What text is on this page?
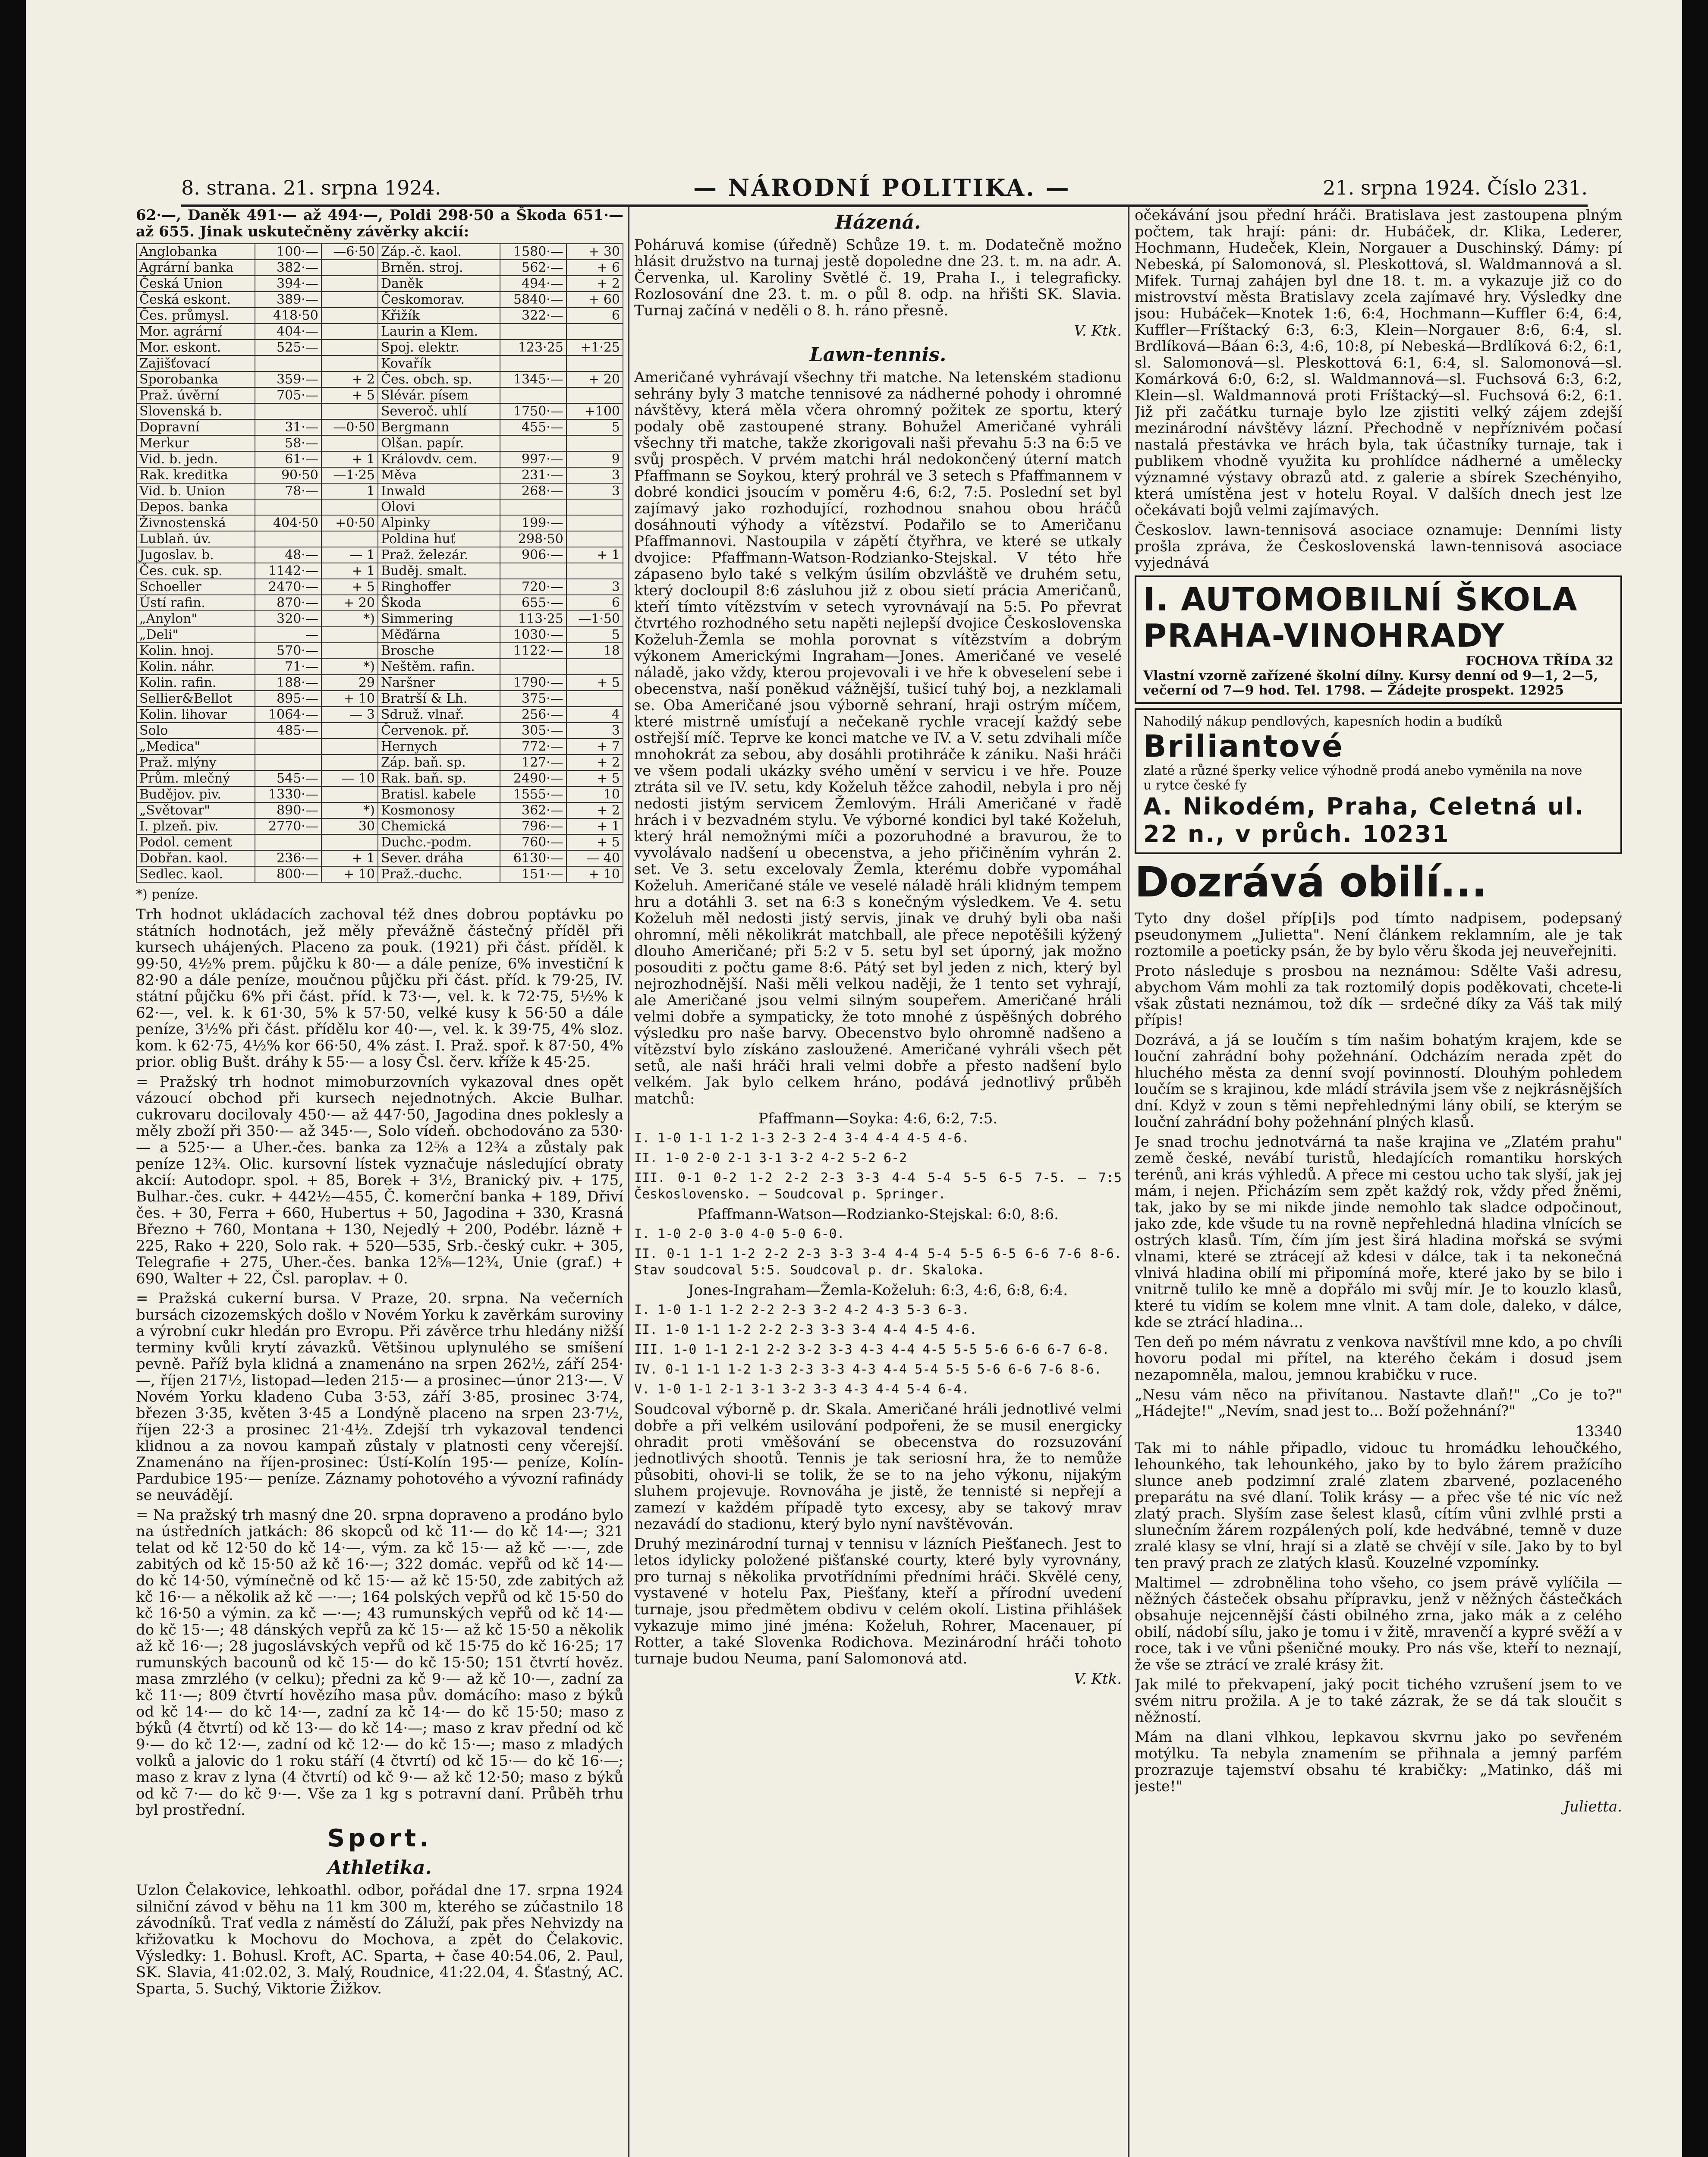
8. strana. 21. srpna 1924.	— NÁRODNÍ POLITIKA. —	21. srpna 1924. Číslo 231.

62·—, Daněk 491·— až 494·—, Poldi 298·50 a Škoda 651·— až 655. Jinak uskutečněny závěrky akcií:

Anglobanka	100·—	—6·50	Záp.-č. kaol.	1580·—	+ 30
Agrární banka	382·—		Brněn. stroj.	562·—	+ 6
Česká Union	394·—		Daněk	494·—	+ 2
Česká eskont.	389·—		Českomorav.	5840·—	+ 60
Čes. průmysl.	418·50		Křižík	322·—	6
Mor. agrární	404·—		Laurin a Klem.		
Mor. eskont.	525·—		Spoj. elektr.	123·25	+1·25
Zajišťovací			Kovařík		
Sporobanka	359·—	+ 2	Čes. obch. sp.	1345·—	+ 20
Praž. úvěrní	705·—	+ 5	Slévár. písem		
Slovenská b.			Severoč. uhlí	1750·—	+100
Dopravní	31·—	—0·50	Bergmann	455·—	5
Merkur	58·—		Olšan. papír.		
Vid. b. jedn.	61·—	+ 1	Královdv. cem.	997·—	9
Rak. kreditka	90·50	—1·25	Měva	231·—	3
Vid. b. Union	78·—	1	Inwald	268·—	3
Depos. banka			Olovi		
Živnostenská	404·50	+0·50	Alpinky	199·—	
Lublaň. úv.			Poldina huť	298·50	
Jugoslav. b.	48·—	— 1	Praž. železár.	906·—	+ 1
Čes. cuk. sp.	1142·—	+ 1	Buděj. smalt.		
Schoeller	2470·—	+ 5	Ringhoffer	720·—	3
Ústí rafin.	870·—	+ 20	Škoda	655·—	6
„Anylon"	320·—	*)	Simmering	113·25	—1·50
„Deli"	—		Měďárna	1030·—	5
Kolin. hnoj.	570·—		Brosche	1122·—	18
Kolin. náhr.	71·—	*)	Neštěm. rafin.		
Kolin. rafin.	188·—	29	Naršner	1790·—	+ 5
Sellier&Bellot	895·—	+ 10	Bratrší & Lh.	375·—	
Kolin. lihovar	1064·—	— 3	Sdruž. vlnař.	256·—	4
Solo	485·—		Červenok. př.	305·—	3
„Medica"			Hernych	772·—	+ 7
Praž. mlýny			Záp. baň. sp.	127·—	+ 2
Prům. mlečný	545·—	— 10	Rak. baň. sp.	2490·—	+ 5
Budějov. piv.	1330·—		Bratisl. kabele	1555·—	10
„Světovar"	890·—	*)	Kosmonosy	362·—	+ 2
I. plzeň. piv.	2770·—	30	Chemická	796·—	+ 1
Podol. cement			Duchc.-podm.	760·—	+ 5
Dobřan. kaol.	236·—	+ 1	Sever. dráha	6130·—	— 40
Sedlec. kaol.	800·—	+ 10	Praž.-duchc.	151·—	+ 10
*) peníze.

Trh hodnot ukládacích zachoval též dnes dobrou poptávku po státních hodnotách, jež měly převážně částečný příděl při kursech uhájených. Placeno za pouk. (1921) při část. příděl. k 99·50, 4½% prem. půjčku k 80·— a dále peníze, 6% investiční k 82·90 a dále peníze, moučnou půjčku při část. příd. k 79·25, IV. státní půjčku 6% při část. příd. k 73·—, vel. k. k 72·75, 5½% k 62·—, vel. k. k 61·30, 5% k 57·50, velké kusy k 56·50 a dále peníze, 3½% při část. přídělu kor 40·—, vel. k. k 39·75, 4% sloz. kom. k 62·75, 4½% kor 66·50, 4% zást. I. Praž. spoř. k 87·50, 4% prior. oblig Bušt. dráhy k 55·— a losy Čsl. červ. kříže k 45·25.

= Pražský trh hodnot mimoburzovních vykazoval dnes opět vázoucí obchod při kursech nejednotných. Akcie Bulhar. cukrovaru docilovaly 450·— až 447·50, Jagodina dnes poklesly a měly zboží při 350·— až 345·—, Solo vídeň. obchodováno za 530·— a 525·— a Uher.-čes. banka za 12⅝ a 12¾ a zůstaly pak peníze 12¾. Olic. kursovní lístek vyznačuje následující obraty akcií: Autodopr. spol. + 85, Borek + 3½, Branický piv. + 175, Bulhar.-čes. cukr. + 442½—455, Č. komerční banka + 189, Dřiví čes. + 30, Ferra + 660, Hubertus + 50, Jagodina + 330, Krasná Březno + 760, Montana + 130, Nejedlý + 200, Podébr. lázně + 225, Rako + 220, Solo rak. + 520—535, Srb.-český cukr. + 305, Telegrafie + 275, Uher.-čes. banka 12⅝—12¾, Unie (graf.) + 690, Walter + 22, Čsl. paroplav. + 0.

= Pražská cukerní bursa. V Praze, 20. srpna. Na večerních bursách cizozemských došlo v Novém Yorku k zavěrkám suroviny a výrobní cukr hledán pro Evropu. Při závěrce trhu hledány nižší terminy kvůli krytí závazků. Většinou uplynulého se smíšení pevně. Paříž byla klidná a znamenáno na srpen 262½, září 254·—, říjen 217½, listopad—leden 215·— a prosinec—únor 213·—. V Novém Yorku kladeno Cuba 3·53, září 3·85, prosinec 3·74, březen 3·35, květen 3·45 a Londýně placeno na srpen 23·7½, říjen 22·3 a prosinec 21·4½. Zdejší trh vykazoval tendenci klidnou a za novou kampaň zůstaly v platnosti ceny včerejší. Znamenáno na říjen-prosinec: Ústí-Kolín 195·— peníze, Kolín-Pardubice 195·— peníze. Záznamy pohotového a vývozní rafinády se neuvádějí.

= Na pražský trh masný dne 20. srpna dopraveno a prodáno bylo na ústředních jatkách: 86 skopců od kč 11·— do kč 14·—; 321 telat od kč 12·50 do kč 14·—, vým. za kč 15·— až kč —·—, zde zabitých od kč 15·50 až kč 16·—; 322 domác. vepřů od kč 14·— do kč 14·50, výmínečně od kč 15·— až kč 15·50, zde zabitých až kč 16·— a několik až kč —·—; 164 polských vepřů od kč 15·50 do kč 16·50 a výmin. za kč —·—; 43 rumunských vepřů od kč 14·— do kč 15·—; 48 dánských vepřů za kč 15·— až kč 15·50 a několik až kč 16·—; 28 jugoslávských vepřů od kč 15·75 do kč 16·25; 17 rumunských bacounů od kč 15·— do kč 15·50; 151 čtvrtí hověz. masa zmrzlého (v celku); předni za kč 9·— až kč 10·—, zadní za kč 11·—; 809 čtvrtí hovězího masa pův. domácího: maso z býků od kč 14·— do kč 14·—, zadní za kč 14·— do kč 15·50; maso z býků (4 čtvrtí) od kč 13·— do kč 14·—; maso z krav přední od kč 9·— do kč 12·—, zadní od kč 12·— do kč 15·—; maso z mladých volků a jalovic do 1 roku stáří (4 čtvrtí) od kč 15·— do kč 16·—; maso z krav z lyna (4 čtvrtí) od kč 9·— až kč 12·50; maso z býků od kč 7·— do kč 9·—. Vše za 1 kg s potravní daní. Průběh trhu byl prostřední.

Sport.
Athletika.

Uzlon Čelakovice, lehkoathl. odbor, pořádal dne 17. srpna 1924 silniční závod v běhu na 11 km 300 m, kterého se zúčastnilo 18 závodníků. Trať vedla z náměstí do Záluží, pak přes Nehvizdy na křižovatku k Mochovu do Mochova, a zpět do Čelakovic. Výsledky: 1. Bohusl. Kroft, AC. Sparta, + čase 40:54.06, 2. Paul, SK. Slavia, 41:02.02, 3. Malý, Roudnice, 41:22.04, 4. Šťastný, AC. Sparta, 5. Suchý, Viktorie Žižkov.

Házená.

Poháruvá komise (úředně) Schůze 19. t. m. Dodatečně možno hlásit družstvo na turnaj jestě dopoledne dne 23. t. m. na adr. A. Červenka, ul. Karoliny Světlé č. 19, Praha I., i telegraficky. Rozlosování dne 23. t. m. o půl 8. odp. na hřišti SK. Slavia. Turnaj začíná v neděli o 8. h. ráno přesně.

V. Ktk.
Lawn-tennis.

Američané vyhrávají všechny tři matche. Na letenském stadionu sehrány byly 3 matche tennisové za nádherné pohody i ohromné návštěvy, která měla včera ohromný požitek ze sportu, který podaly obě zastoupené strany. Bohužel Američané vyhráli všechny tři matche, takže zkorigovali naši převahu 5:3 na 6:5 ve svůj prospěch. V prvém matchi hrál nedokončený úterní match Pfaffmann se Soykou, který prohrál ve 3 setech s Pfaffmannem v dobré kondici jsoucím v poměru 4:6, 6:2, 7:5. Poslední set byl zajímavý jako rozhodující, rozhodnou snahou obou hráčů dosáhnouti výhody a vítězství. Podařilo se to Američanu Pfaffmannovi. Nastoupila v zápětí čtyřhra, ve které se utkaly dvojice: Pfaffmann-Watson-Rodzianko-Stejskal. V této hře zápaseno bylo také s velkým úsilím obzvláště ve druhém setu, který docloupil 8:6 zásluhou již z obou sietí prácia Američanů, kteří tímto vítězstvím v setech vyrovnávají na 5:5. Po převrat čtvrtého rozhodného setu napěti nejlepší dvojice Československa Koželuh-Žemla se mohla porovnat s vítězstvím a dobrým výkonem Americkými Ingraham—Jones. Američané ve veselé náladě, jako vždy, kterou projevovali i ve hře k obveselení sebe i obecenstva, naší poněkud vážnější, tušicí tuhý boj, a nezklamali se. Oba Američané jsou výborně sehraní, hraji ostrým míčem, které mistrně umísťují a nečekaně rychle vracejí každý sebe ostřejší míč. Teprve ke konci matche ve IV. a V. setu zdvihali míče mnohokrát za sebou, aby dosáhli protihráče k zániku. Naši hráči ve všem podali ukázky svého umění v servicu i ve hře. Pouze ztráta sil ve IV. setu, kdy Koželuh těžce zahodil, nebyla i pro něj nedosti jistým servicem Žemlovým. Hráli Američané v řadě hrách i v bezvadném stylu. Ve výborné kondici byl také Koželuh, který hrál nemožnými míči a pozoruhodné a bravurou, že to vyvolávalo nadšení u obecenstva, a jeho přičiněním vyhrán 2. set. Ve 3. setu excelovaly Žemla, kterému dobře vypomáhal Koželuh. Američané stále ve veselé náladě hráli klidným tempem hru a dotáhli 3. set na 6:3 s konečným výsledkem. Ve 4. setu Koželuh měl nedosti jistý servis, jinak ve druhý byli oba naši ohromní, měli několikrát matchball, ale přece nepotěšili kýžený dlouho Američané; při 5:2 v 5. setu byl set úporný, jak možno posouditi z počtu game 8:6. Pátý set byl jeden z nich, který byl nejrozhodnější. Naši měli velkou naději, že 1 tento set vyhrají, ale Američané jsou velmi silným soupeřem. Američané hráli velmi dobře a sympaticky, že toto mnohé z úspěšných dobrého výsledku pro naše barvy. Obecenstvo bylo ohromně nadšeno a vítězství bylo získáno zasloužené. Američané vyhráli všech pět setů, ale naši hráči hrali velmi dobře a přesto nadšení bylo velkém. Jak bylo celkem hráno, podává jednotlivý průběh matchů:

Pfaffmann—Soyka: 4:6, 6:2, 7:5.

I. 1-0 1-1 1-2 1-3 2-3 2-4 3-4 4-4 4-5 4-6.

II. 1-0 2-0 2-1 3-1 3-2 4-2 5-2 6-2

III. 0-1 0-2 1-2 2-2 2-3 3-3 4-4 5-4 5-5 6-5 7-5. — 7:5 Československo. — Soudcoval p. Springer.

Pfaffmann-Watson—Rodzianko-Stejskal: 6:0, 8:6.

I. 1-0 2-0 3-0 4-0 5-0 6-0.

II. 0-1 1-1 1-2 2-2 2-3 3-3 3-4 4-4 5-4 5-5 6-5 6-6 7-6 8-6. Stav soudcoval 5:5. Soudcoval p. dr. Skaloka.

Jones-Ingraham—Žemla-Koželuh: 6:3, 4:6, 6:8, 6:4.

I. 1-0 1-1 1-2 2-2 2-3 3-2 4-2 4-3 5-3 6-3.

II. 1-0 1-1 1-2 2-2 2-3 3-3 3-4 4-4 4-5 4-6.

III. 1-0 1-1 2-1 2-2 3-2 3-3 4-3 4-4 4-5 5-5 5-6 6-6 6-7 6-8.

IV. 0-1 1-1 1-2 1-3 2-3 3-3 4-3 4-4 5-4 5-5 5-6 6-6 7-6 8-6.

V. 1-0 1-1 2-1 3-1 3-2 3-3 4-3 4-4 5-4 6-4.

Soudcoval výborně p. dr. Skala. Američané hráli jednotlivé velmi dobře a při velkém usilování podpořeni, že se musil energicky ohradit proti vměšování se obecenstva do rozsuzování jednotlivých shootů. Tennis je tak seriosní hra, že to nemůže působiti, ohovi-li se tolik, že se to na jeho výkonu, nijakým sluhem projevuje. Rovnováha je jistě, že tennisté si nepřejí a zamezí v každém případě tyto excesy, aby se takový mrav nezavádí do stadionu, který bylo nyní navštěvován.

Druhý mezinárodní turnaj v tennisu v lázních Piešťanech. Jest to letos idylicky položené pišťanské courty, které byly vyrovnány, pro turnaj s několika prvotřídními předními hráči. Skvělé ceny, vystavené v hotelu Pax, Piešťany, kteří a přírodní uvedení turnaje, jsou předmětem obdivu v celém okolí. Listina přihlášek vykazuje mimo jiné jména: Koželuh, Rohrer, Macenauer, pí Rotter, a také Slovenka Rodichova. Mezinárodní hráči tohoto turnaje budou Neuma, paní Salomonová atd.

V. Ktk.

očekávání jsou přední hráči. Bratislava jest zastoupena plným počtem, tak hrají: páni: dr. Hubáček, dr. Klika, Lederer, Hochmann, Hudeček, Klein, Norgauer a Duschinský. Dámy: pí Nebeská, pí Salomonová, sl. Pleskottová, sl. Waldmannová a sl. Mifek. Turnaj zahájen byl dne 18. t. m. a vykazuje již co do mistrovství města Bratislavy zcela zajímavé hry. Výsledky dne jsou: Hubáček—Knotek 1:6, 6:4, Hochmann—Kuffler 6:4, 6:4, Kuffler—Fríštacký 6:3, 6:3, Klein—Norgauer 8:6, 6:4, sl. Brdlíková—Báan 6:3, 4:6, 10:8, pí Nebeská—Brdlíková 6:2, 6:1, sl. Salomonová—sl. Pleskottová 6:1, 6:4, sl. Salomonová—sl. Komárková 6:0, 6:2, sl. Waldmannová—sl. Fuchsová 6:3, 6:2, Klein—sl. Waldmannová proti Fríštacký—sl. Fuchsová 6:2, 6:1. Již při začátku turnaje bylo lze zjistiti velký zájem zdejší mezinárodní návštěvy lázní. Přechodně v nepříznivém počasí nastalá přestávka ve hrách byla, tak účastníky turnaje, tak i publikem vhodně využita ku prohlídce nádherné a umělecky významné výstavy obrazů atd. z galerie a sbírek Szechényiho, která umístěna jest v hotelu Royal. V dalších dnech jest lze očekávati bojů velmi zajímavých.

Českoslov. lawn-tennisová asociace oznamuje: Denními listy prošla zpráva, že Československá lawn-tennisová asociace vyjednává

I. AUTOMOBILNÍ ŠKOLA PRAHA-VINOHRADY
FOCHOVA TŘÍDA 32
Vlastní vzorně zařízené školní dílny. Kursy denní od 9—1, 2—5, večerní od 7—9 hod. Tel. 1798. — Žádejte prospekt. 12925
Nahodilý nákup pendlových, kapesních hodin a budíků
Briliantové
zlaté a různé šperky velice výhodně prodá anebo vyměnila na nove
u rytce české fy
A. Nikodém, Praha, Celetná ul. 22 n., v průch. 10231
Dozrává obilí...

Tyto dny došel příp[i]s pod tímto nadpisem, podepsaný pseudonymem „Julietta". Není článkem reklamním, ale je tak roztomile a poeticky psán, že by bylo věru škoda jej neuveřejniti.

Proto následuje s prosbou na neznámou: Sdělte Vaši adresu, abychom Vám mohli za tak roztomilý dopis poděkovati, chcete-li však zůstati neznámou, tož dík — srdečné díky za Váš tak milý přípis!

Dozrává, a já se loučím s tím našim bohatým krajem, kde se louční zahrádní bohy požehnání. Odcházím nerada zpět do hluchého města za denní svojí povinností. Dlouhým pohledem loučím se s krajinou, kde mládí strávila jsem vše z nejkrásnějších dní. Když v zoun s těmi nepřehlednými lány obilí, se kterým se louční zahrádní bohy požehnání plných klasů.

Je snad trochu jednotvárná ta naše krajina ve „Zlatém prahu" země české, nevábí turistů, hledajících romantiku horských terénů, ani krás výhledů. A přece mi cestou ucho tak slyší, jak jej mám, i nejen. Přicházím sem zpět každý rok, vždy před žněmi, tak, jako by se mi nikde jinde nemohlo tak sladce odpočinout, jako zde, kde všude tu na rovně nepřehledná hladina vlnících se ostrých klasů. Tím, čím jím jest širá hladina mořská se svými vlnami, které se ztrácejí až kdesi v dálce, tak i ta nekonečná vlnivá hladina obilí mi připomíná moře, které jako by se bilo i vnitrně tulilo ke mně a dopřálo mi svůj mír. Je to kouzlo klasů, které tu vidím se kolem mne vlnit. A tam dole, daleko, v dálce, kde se ztrácí hladina...

Ten deň po mém návratu z venkova navštívil mne kdo, a po chvíli hovoru podal mi přítel, na kterého čekám i dosud jsem nezapomněla, malou, jemnou krabičku v ruce.

„Nesu vám něco na přivítanou. Nastavte dlaň!" „Co je to?" „Hádejte!" „Nevím, snad jest to... Boží požehnání?"

13340

Tak mi to náhle připadlo, vidouc tu hromádku lehoučkého, lehounkého, tak lehounkého, jako by to bylo žárem pražícího slunce aneb podzimní zralé zlatem zbarvené, pozlaceného preparátu na své dlaní. Tolik krásy — a přec vše té nic víc než zlatý prach. Slyším zase šelest klasů, cítím vůni zvlhlé prsti a slunečním žárem rozpálených polí, kde hedvábné, temně v duze zralé klasy se vlní, hrají si a zlatě se chvějí v síle. Jako by to byl ten pravý prach ze zlatých klasů. Kouzelné vzpomínky.

Maltimel — zdrobnělina toho všeho, co jsem právě vylíčila — něžných částeček obsahu přípravku, jenž v něžných částečkách obsahuje nejcennější části obilného zrna, jako mák a z celého obilí, nádobí sílu, jako je tomu i v žitě, mravenčí a kypré svěží a v roce, tak i ve vůni pšeničné mouky. Pro nás vše, kteří to neznají, že vše se ztrácí ve zralé krásy žit.

Jak milé to překvapení, jaký pocit tichého vzrušení jsem to ve svém nitru prožila. A je to také zázrak, že se dá tak sloučit s něžností.

Mám na dlani vlhkou, lepkavou skvrnu jako po sevřeném motýlku. Ta nebyla znamením se přihnala a jemný parfém prozrazuje tajemství obsahu té krabičky: „Matinko, dáš mi jeste!"

Julietta.
